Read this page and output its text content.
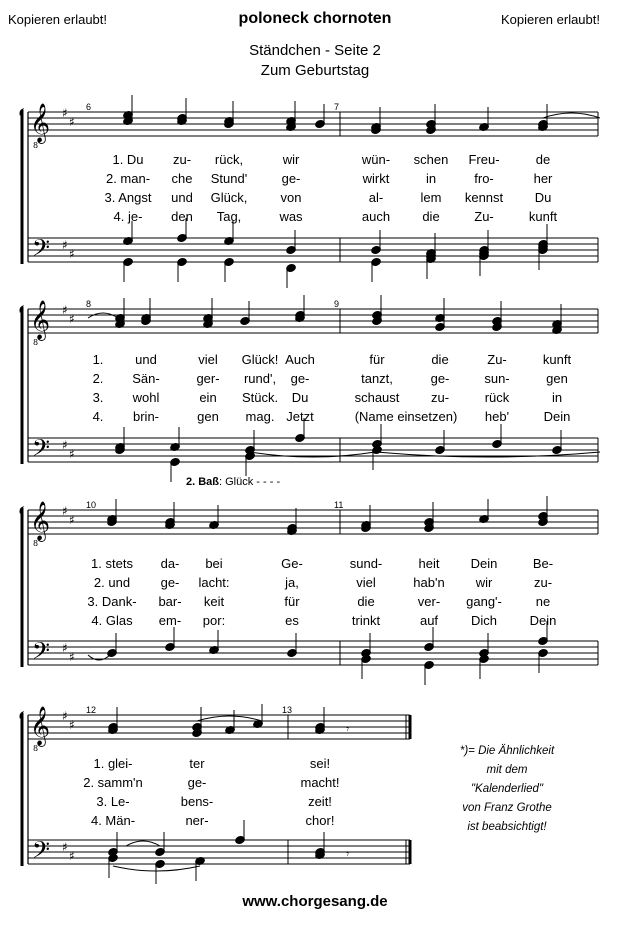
Kopieren erlaubt!	poloneck chornoten	Kopieren erlaubt!
Ständchen - Seite 2
Zum Geburtstag
𝄞
8
𝄢
♯
♯
♯
♯
𝄞
8
𝄢
♯
♯
♯
♯
𝄞
8
𝄢
♯
♯
♯
♯
𝄞
8
𝄢
♯
♯
♯
♯
𝄾
𝄾
6	7
8	9
10	11
12	13
1. Du zu- rück,	wir	wün- schen Freu-	de
2. man- che Stund'	ge-	wirkt	in	fro-	her
3. Angst und Glück,	von	al-	lem kennst Du
4. je- den Tag,	was	auch die	Zu-	kunft
1. und	viel Glück! Auch	für	die	Zu-	kunft
2. Sän-	ger- rund', ge-	tanzt,	ge-	sun-	gen
3. wohl	ein Stück. Du	schaust zu-	rück	in
4. brin-	gen mag. Jetzt	(Name einsetzen) heb'	Dein
1. stets da- bei	Ge-	sund-	heit Dein	Be-
2. und ge- lacht:	ja,	viel	hab'n wir	zu-
3. Dank- bar- keit	für	die	ver- gang'-	ne
4. Glas em- por:	es	trinkt	auf	Dich	Dein
1. glei-	ter	sei!
2. samm'n	ge-	macht!
3. Le-	bens-	zeit!
4. Män-	ner-	chor!
2. Baß: Glück - - - -
*)= Die Ähnlichkeit
mit dem
"Kalenderlied"
von Franz Grothe
ist beabsichtigt!
www.chorgesang.de
